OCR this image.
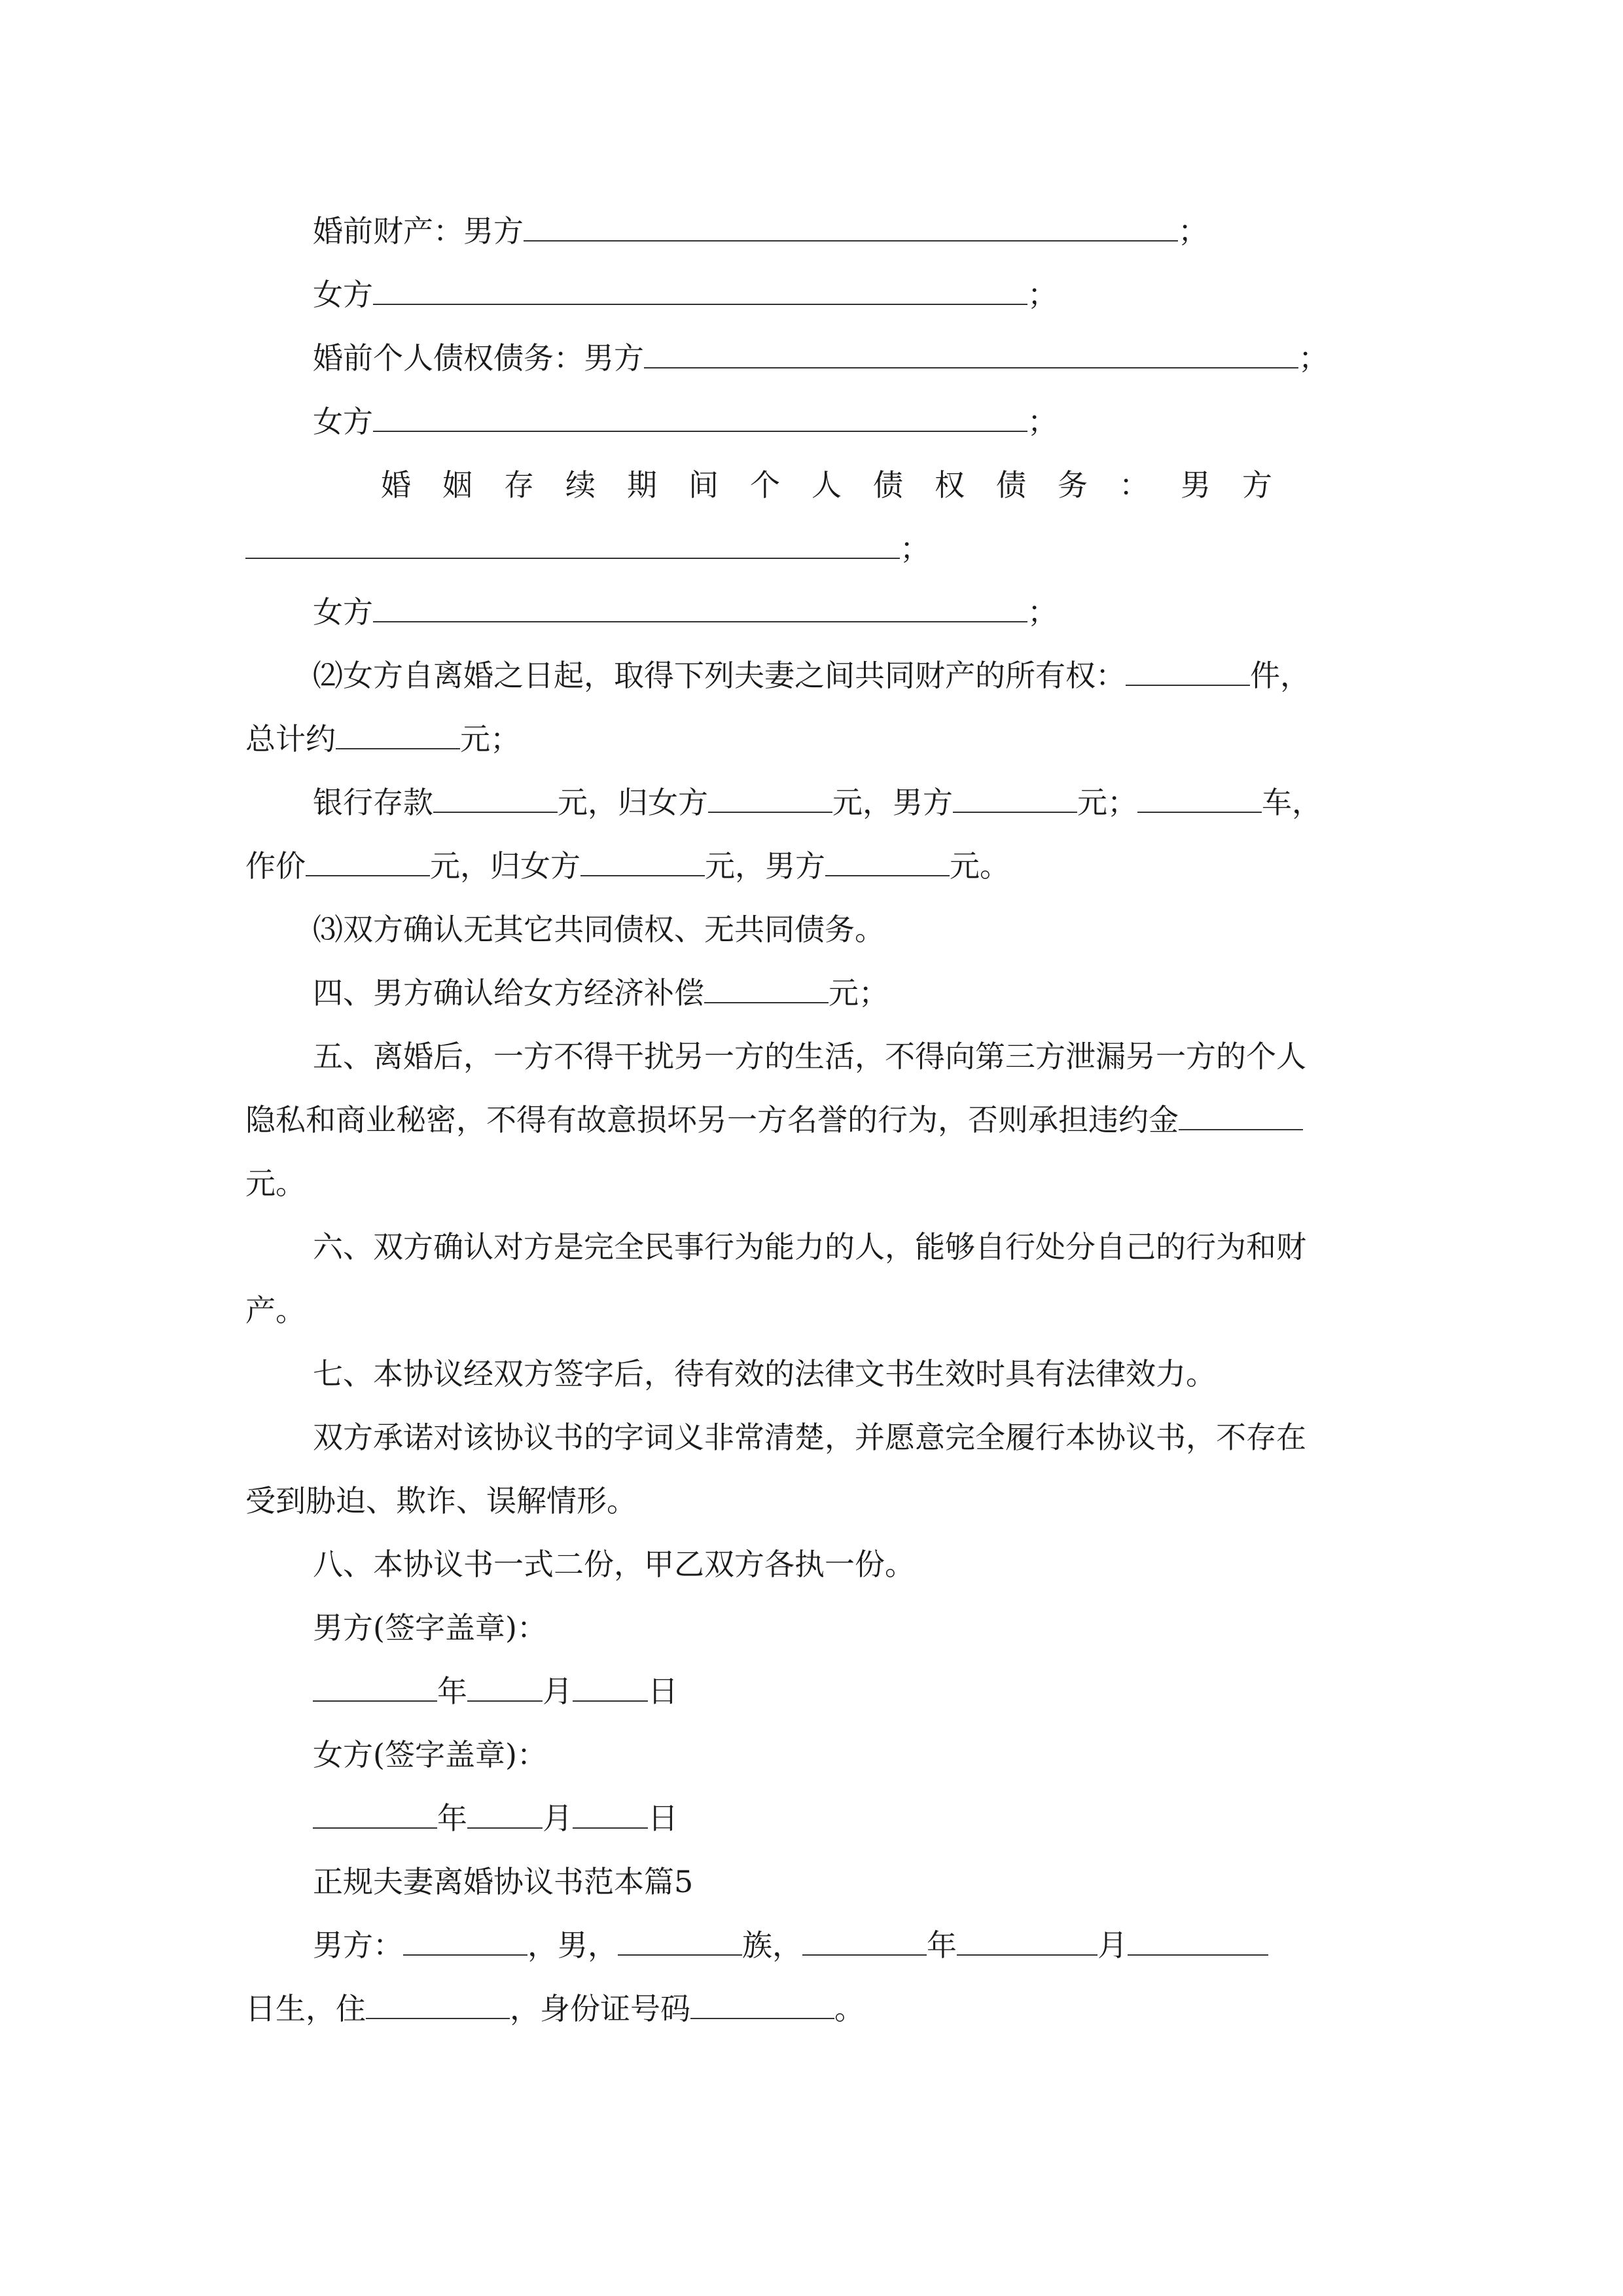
婚前财产：男方	；
女方	；
婚前个人债权债务：男方	；
女方	；
婚姻存续期间个人债权债务：男方
；
女方	；
⑵女方自离婚之日起，取得下列夫妻之间共同财产的所有权：	件，
总计约	元；
银行存款	元，归女方	元，男方	元；	车，
作价	元，归女方	元，男方	元。
⑶双方确认无其它共同债权、无共同债务。
四、男方确认给女方经济补偿	元；
五、离婚后，一方不得干扰另一方的生活，不得向第三方泄漏另一方的个人
隐私和商业秘密，不得有故意损坏另一方名誉的行为，否则承担违约金
元。
六、双方确认对方是完全民事行为能力的人，能够自行处分自己的行为和财
产。
七、本协议经双方签字后，待有效的法律文书生效时具有法律效力。
双方承诺对该协议书的字词义非常清楚，并愿意完全履行本协议书，不存在
受到胁迫、欺诈、误解情形。
八、本协议书一式二份，甲乙双方各执一份。
男方(签字盖章)：
年	月	日
女方(签字盖章)：
年	月	日
正规夫妻离婚协议书范本篇5
男方：	，男，	族，	年	月
日生，住	，身份证号码	。
